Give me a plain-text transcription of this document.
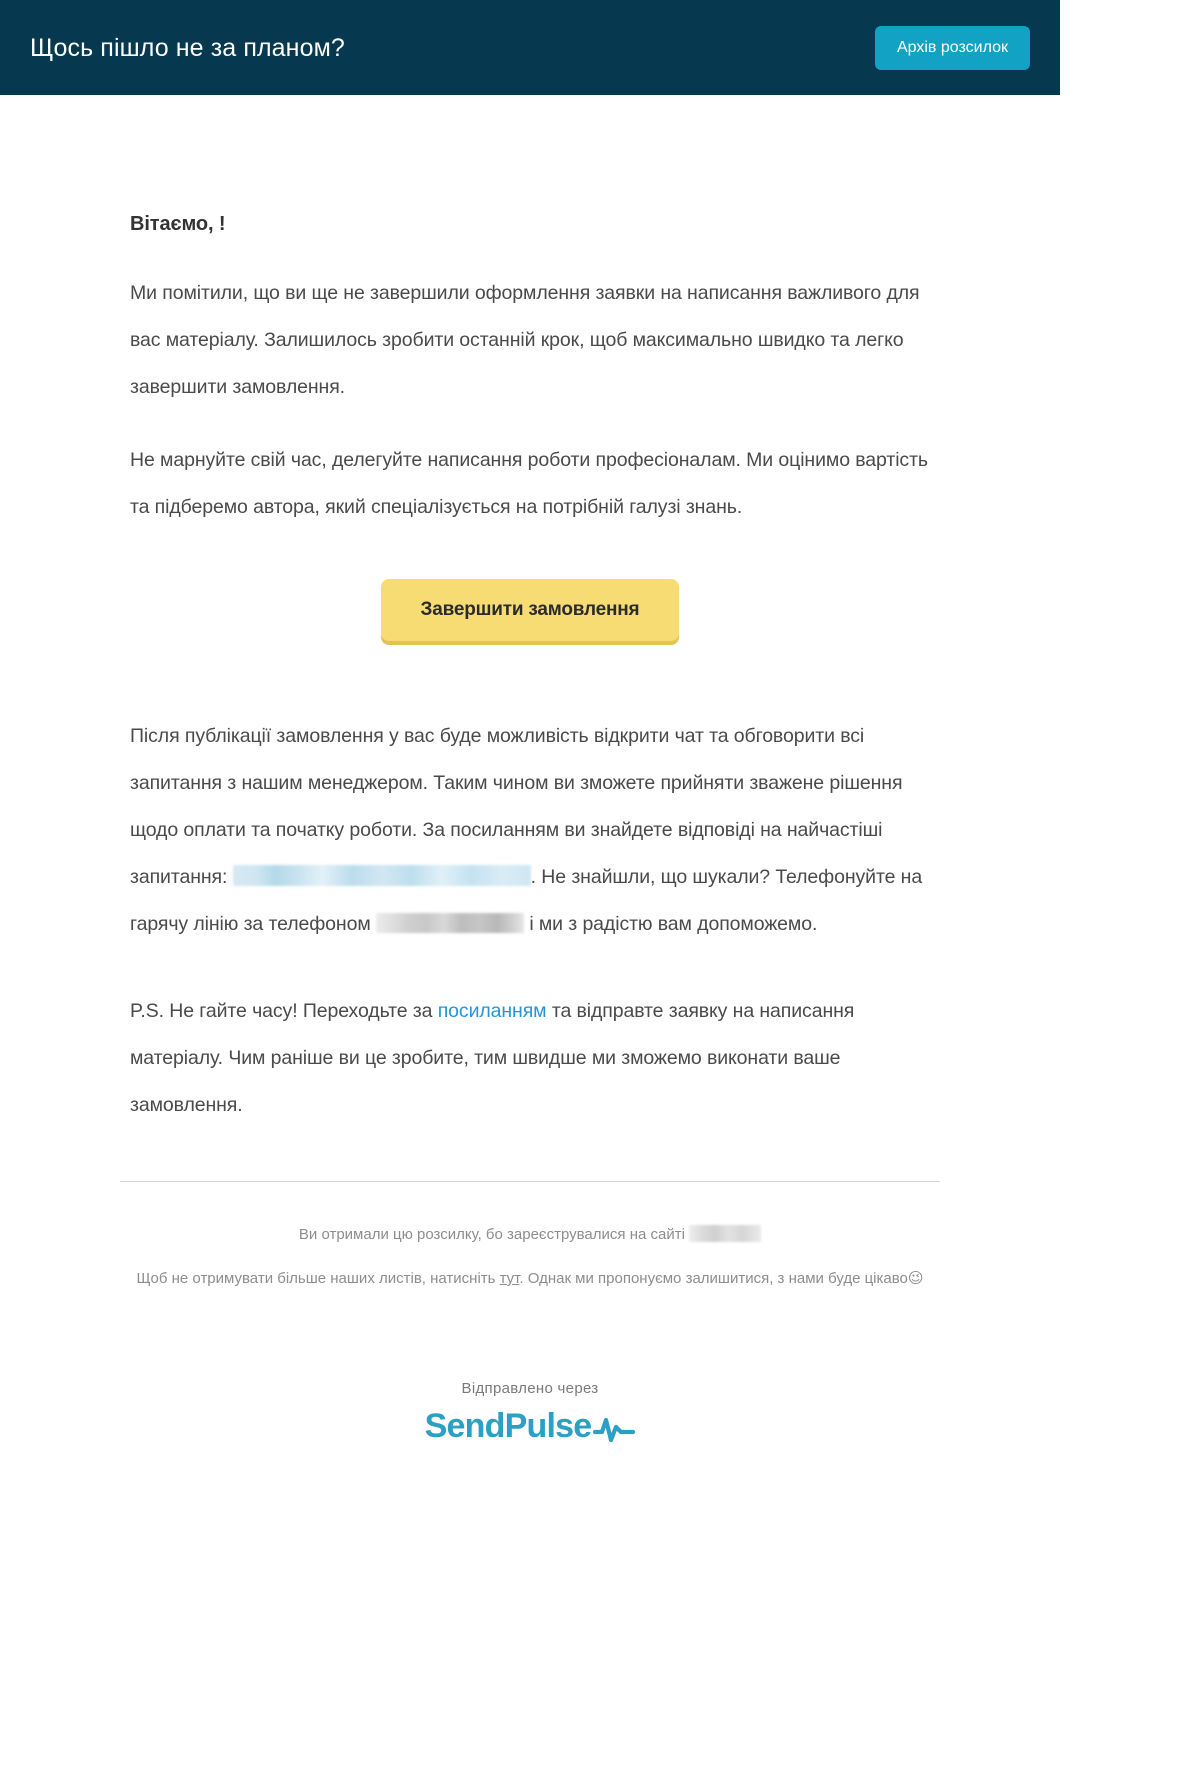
Щось пішло не за планом?	Архів розсилок
Вітаємо, !

Ми помітили, що ви ще не завершили оформлення заявки на написання важливого для вас матеріалу. Залишилось зробити останній крок, щоб максимально швидко та легко завершити замовлення.

Не марнуйте свій час, делегуйте написання роботи професіоналам. Ми оцінимо вартість та підберемо автора, який спеціалізується на потрібній галузі знань.

Завершити замовлення

Після публікації замовлення у вас буде можливість відкрити чат та обговорити всі запитання з нашим менеджером. Таким чином ви зможете прийняти зважене рішення щодо оплати та початку роботи. За посиланням ви знайдете відповіді на найчастіші запитання:	. Не знайшли, що шукали? Телефонуйте на гарячу лінію за телефоном	і ми з радістю вам допоможемо.

P.S. Не гайте часу! Переходьте за посиланням та відправте заявку на написання матеріалу. Чим раніше ви це зробите, тим швидше ми зможемо виконати ваше замовлення.

Ви отримали цю розсилку, бо зареєструвалися на сайті

Щоб не отримувати більше наших листів, натисніть тут. Однак ми пропонуємо залишитися, з нами буде цікаво😉

Відправлено через
SendPulse
